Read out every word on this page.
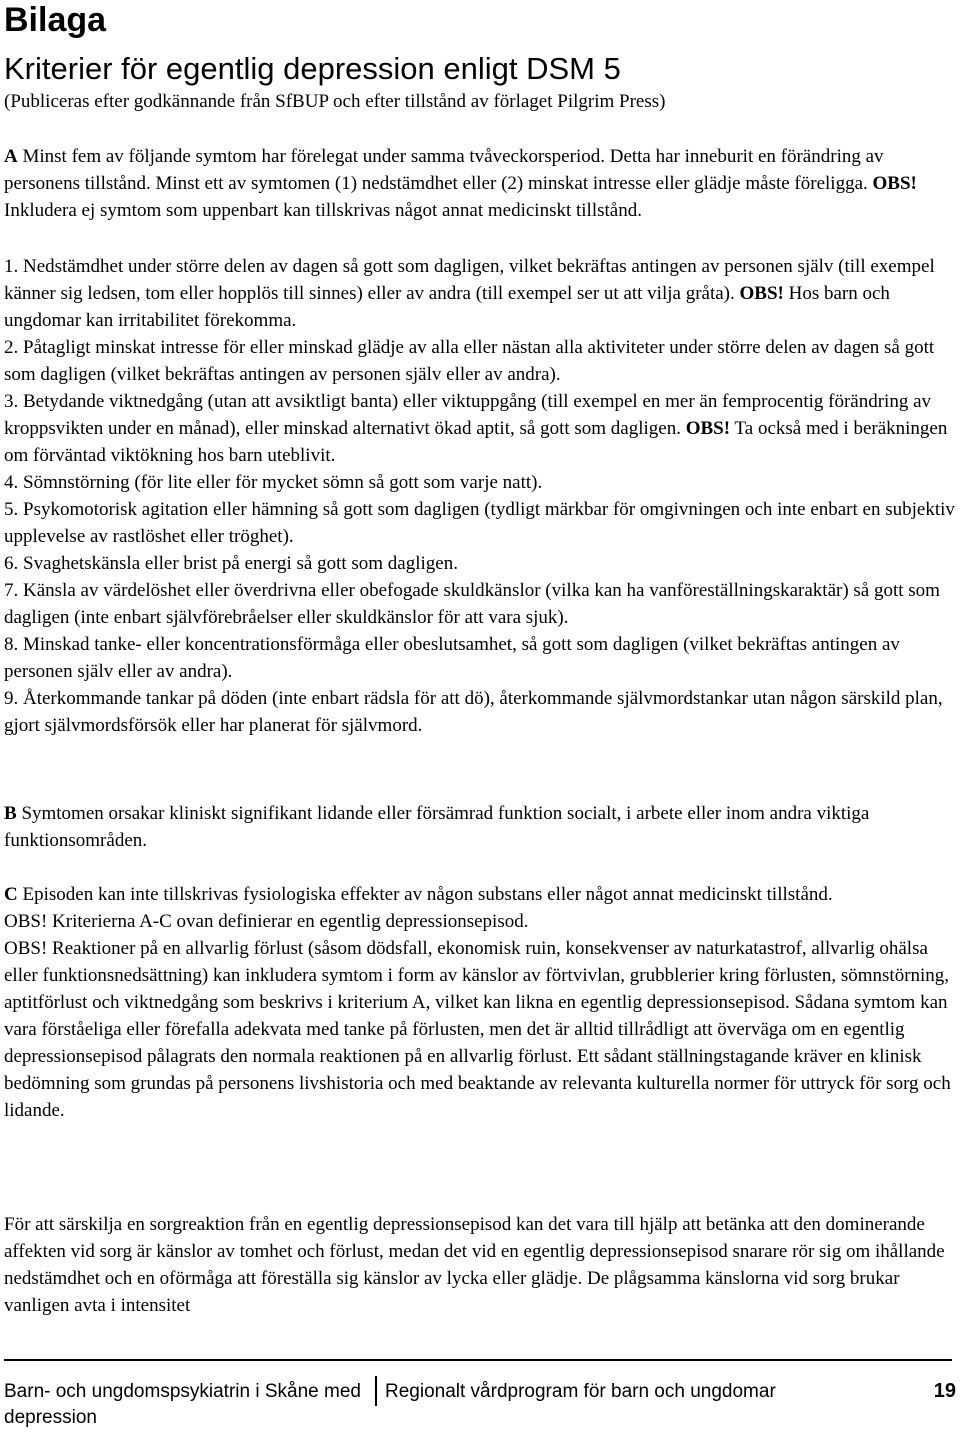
Bilaga
Kriterier för egentlig depression enligt DSM 5
(Publiceras efter godkännande från SfBUP och efter tillstånd av förlaget Pilgrim Press)

A Minst fem av följande symtom har förelegat under samma tvåveckorsperiod. Detta har inneburit en förändring av personens tillstånd. Minst ett av symtomen (1) nedstämdhet eller (2) minskat intresse eller glädje måste föreligga. OBS! Inkludera ej symtom som uppenbart kan tillskrivas något annat medicinskt tillstånd.

1. Nedstämdhet under större delen av dagen så gott som dagligen, vilket bekräftas antingen av personen själv (till exempel känner sig ledsen, tom eller hopplös till sinnes) eller av andra (till exempel ser ut att vilja gråta). OBS! Hos barn och ungdomar kan irritabilitet förekomma.

2. Påtagligt minskat intresse för eller minskad glädje av alla eller nästan alla aktiviteter under större delen av dagen så gott som dagligen (vilket bekräftas antingen av personen själv eller av andra).

3. Betydande viktnedgång (utan att avsiktligt banta) eller viktuppgång (till exempel en mer än femprocentig förändring av kroppsvikten under en månad), eller minskad alternativt ökad aptit, så gott som dagligen. OBS! Ta också med i beräkningen om förväntad viktökning hos barn uteblivit.

4. Sömnstörning (för lite eller för mycket sömn så gott som varje natt).

5. Psykomotorisk agitation eller hämning så gott som dagligen (tydligt märkbar för omgivningen och inte enbart en subjektiv upplevelse av rastlöshet eller tröghet).

6. Svaghetskänsla eller brist på energi så gott som dagligen.

7. Känsla av värdelöshet eller överdrivna eller obefogade skuldkänslor (vilka kan ha vanföreställningskaraktär) så gott som dagligen (inte enbart självförebråelser eller skuldkänslor för att vara sjuk).

8. Minskad tanke- eller koncentrationsförmåga eller obeslutsamhet, så gott som dagligen (vilket bekräftas antingen av personen själv eller av andra).

9. Återkommande tankar på döden (inte enbart rädsla för att dö), återkommande självmordstankar utan någon särskild plan, gjort självmordsförsök eller har planerat för självmord.

B Symtomen orsakar kliniskt signifikant lidande eller försämrad funktion socialt, i arbete eller inom andra viktiga funktionsområden.

C Episoden kan inte tillskrivas fysiologiska effekter av någon substans eller något annat medicinskt tillstånd.

OBS! Kriterierna A-C ovan definierar en egentlig depressionsepisod.

OBS! Reaktioner på en allvarlig förlust (såsom dödsfall, ekonomisk ruin, konsekvenser av naturkatastrof, allvarlig ohälsa eller funktionsnedsättning) kan inkludera symtom i form av känslor av förtvivlan, grubblerier kring förlusten, sömnstörning, aptitförlust och viktnedgång som beskrivs i kriterium A, vilket kan likna en egentlig depressionsepisod. Sådana symtom kan vara förståeliga eller förefalla adekvata med tanke på förlusten, men det är alltid tillrådligt att överväga om en egentlig depressionsepisod pålagrats den normala reaktionen på en allvarlig förlust. Ett sådant ställningstagande kräver en klinisk bedömning som grundas på personens livshistoria och med beaktande av relevanta kulturella normer för uttryck för sorg och lidande.

För att särskilja en sorgreaktion från en egentlig depressionsepisod kan det vara till hjälp att betänka att den dominerande affekten vid sorg är känslor av tomhet och förlust, medan det vid en egentlig depressionsepisod snarare rör sig om ihållande nedstämdhet och en oförmåga att föreställa sig känslor av lycka eller glädje. De plågsamma känslorna vid sorg brukar vanligen avta i intensitet

Barn- och ungdomspsykiatrin i Skåne med depression
Regionalt vårdprogram för barn och ungdomar	19
